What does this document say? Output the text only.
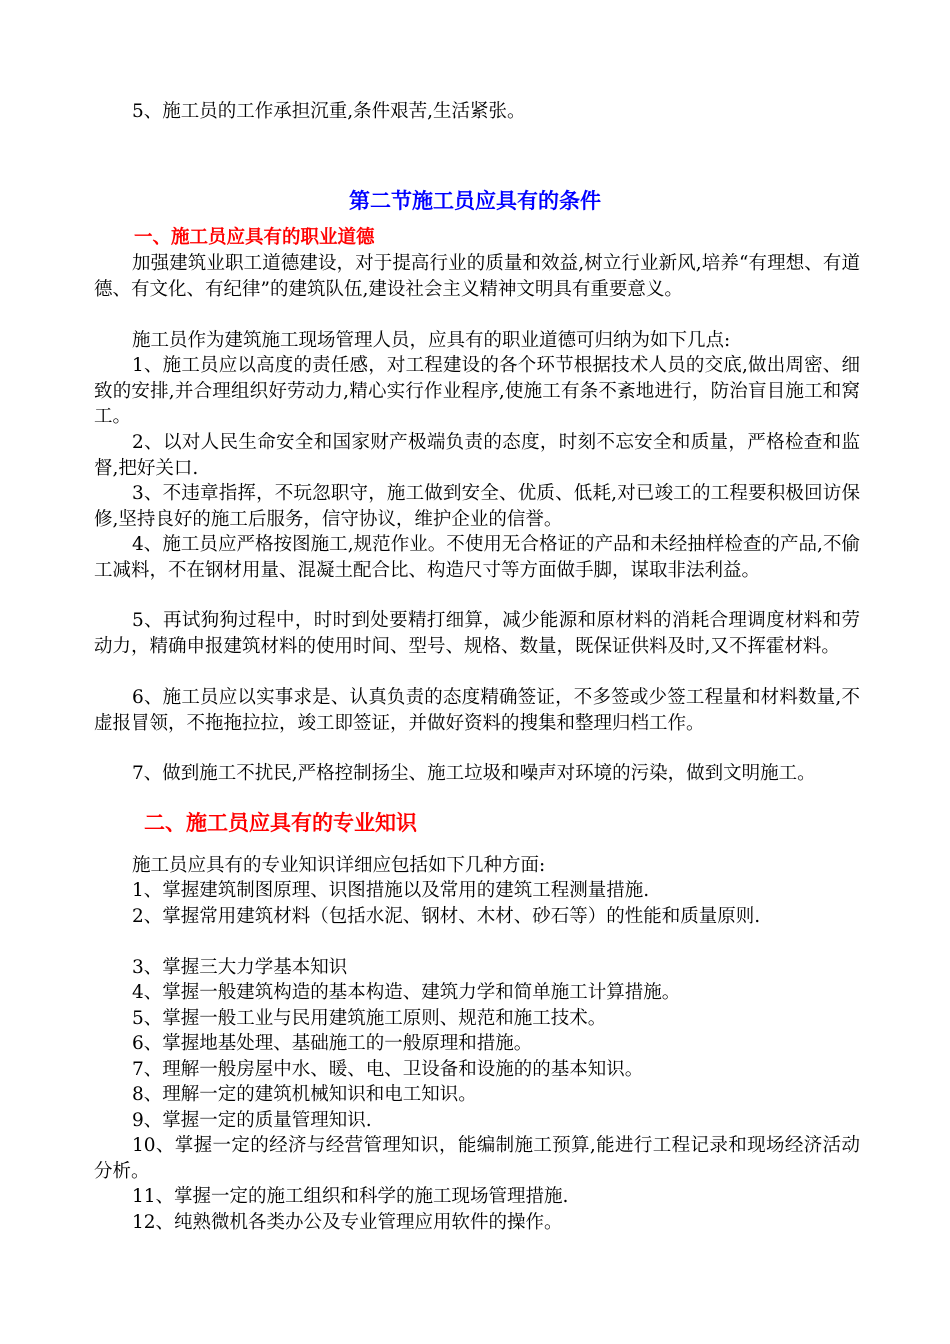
5、施工员的工作承担沉重,条件艰苦,生活紧张。

第二节施工员应具有的条件
一、施工员应具有的职业道德

加强建筑业职工道德建设，对于提高行业的质量和效益,树立行业新风,培养“有理想、有道德、有文化、有纪律”的建筑队伍,建设社会主义精神文明具有重要意义。

施工员作为建筑施工现场管理人员，应具有的职业道德可归纳为如下几点:

1、施工员应以高度的责任感，对工程建设的各个环节根据技术人员的交底,做出周密、细致的安排,并合理组织好劳动力,精心实行作业程序,使施工有条不紊地进行，防治盲目施工和窝工。

2、以对人民生命安全和国家财产极端负责的态度，时刻不忘安全和质量，严格检查和监督,把好关口.

3、不违章指挥，不玩忽职守，施工做到安全、优质、低耗,对已竣工的工程要积极回访保修,坚持良好的施工后服务，信守协议，维护企业的信誉。

4、施工员应严格按图施工,规范作业。不使用无合格证的产品和未经抽样检查的产品,不偷工减料，不在钢材用量、混凝土配合比、构造尺寸等方面做手脚，谋取非法利益。

5、再试狗狗过程中，时时到处要精打细算，减少能源和原材料的消耗合理调度材料和劳动力，精确申报建筑材料的使用时间、型号、规格、数量，既保证供料及时,又不挥霍材料。

6、施工员应以实事求是、认真负责的态度精确签证，不多签或少签工程量和材料数量,不虚报冒领，不拖拖拉拉，竣工即签证，并做好资料的搜集和整理归档工作。

7、做到施工不扰民,严格控制扬尘、施工垃圾和噪声对环境的污染，做到文明施工。

二、施工员应具有的专业知识

施工员应具有的专业知识详细应包括如下几种方面:

1、掌握建筑制图原理、识图措施以及常用的建筑工程测量措施.

2、掌握常用建筑材料（包括水泥、钢材、木材、砂石等）的性能和质量原则.

3、掌握三大力学基本知识

4、掌握一般建筑构造的基本构造、建筑力学和简单施工计算措施。

5、掌握一般工业与民用建筑施工原则、规范和施工技术。

6、掌握地基处理、基础施工的一般原理和措施。

7、理解一般房屋中水、暖、电、卫设备和设施的的基本知识。

8、理解一定的建筑机械知识和电工知识。

9、掌握一定的质量管理知识.

10、掌握一定的经济与经营管理知识，能编制施工预算,能进行工程记录和现场经济活动分析。

11、掌握一定的施工组织和科学的施工现场管理措施.

12、纯熟微机各类办公及专业管理应用软件的操作。
